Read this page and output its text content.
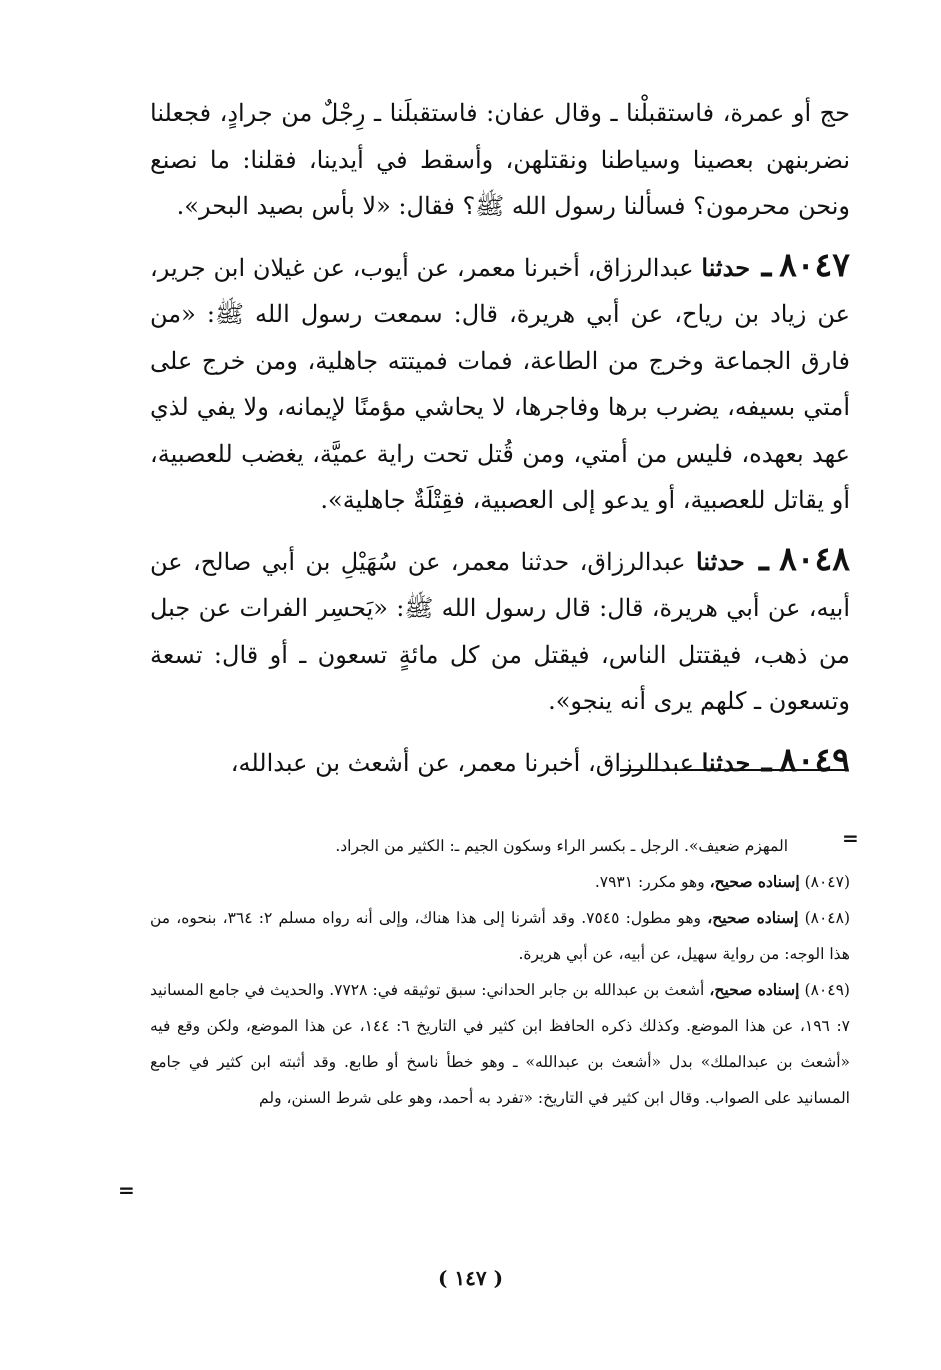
حج أو عمرة، فاستقبلْنا ـ وقال عفان: فاستقبلَنا ـ رِجْلٌ من جرادٍ، فجعلنا نضربنهن بعصينا وسياطنا ونقتلهن، وأسقط في أيدينا، فقلنا: ما نصنع ونحن محرمون؟ فسألنا رسول الله ﷺ؟ فقال: «لا بأس بصيد البحر».

٨٠٤٧ ـ حدثنا عبدالرزاق، أخبرنا معمر، عن أيوب، عن غيلان ابن جرير، عن زياد بن رياح، عن أبي هريرة، قال: سمعت رسول الله ﷺ: «من فارق الجماعة وخرج من الطاعة، فمات فميتته جاهلية، ومن خرج على أمتي بسيفه، يضرب برها وفاجرها، لا يحاشي مؤمنًا لإيمانه، ولا يفي لذي عهد بعهده، فليس من أمتي، ومن قُتل تحت راية عميَّة، يغضب للعصبية، أو يقاتل للعصبية، أو يدعو إلى العصبية، فقِتْلَةٌ جاهلية».

٨٠٤٨ ـ حدثنا عبدالرزاق، حدثنا معمر، عن سُهَيْلِ بن أبي صالح، عن أبيه، عن أبي هريرة، قال: قال رسول الله ﷺ: «يَحسِر الفرات عن جبل من ذهب، فيقتتل الناس، فيقتل من كل مائةٍ تسعون ـ أو قال: تسعة وتسعون ـ كلهم يرى أنه ينجو».

٨٠٤٩ ـ حدثنا عبدالرزاق، أخبرنا معمر، عن أشعث بن عبدالله،

=

المهزم ضعيف». الرجل ـ بكسر الراء وسكون الجيم ـ: الكثير من الجراد.

(٨٠٤٧) إسناده صحيح، وهو مكرر: ٧٩٣١.

(٨٠٤٨) إسناده صحيح، وهو مطول: ٧٥٤٥. وقد أشرنا إلى هذا هناك، وإلى أنه رواه مسلم ٢: ٣٦٤، بنحوه، من هذا الوجه: من رواية سهيل، عن أبيه، عن أبي هريرة.

(٨٠٤٩) إسناده صحيح، أشعث بن عبدالله بن جابر الحداني: سبق توثيقه في: ٧٧٢٨. والحديث في جامع المسانيد ٧: ١٩٦، عن هذا الموضع. وكذلك ذكره الحافظ ابن كثير في التاريخ ٦: ١٤٤، عن هذا الموضع، ولكن وقع فيه «أشعث بن عبدالملك» بدل «أشعث بن عبدالله» ـ وهو خطأ ناسخ أو طابع. وقد أثبته ابن كثير في جامع المسانيد على الصواب. وقال ابن كثير في التاريخ: «تفرد به أحمد، وهو على شرط السنن، ولم

=
( ١٤٧ )
